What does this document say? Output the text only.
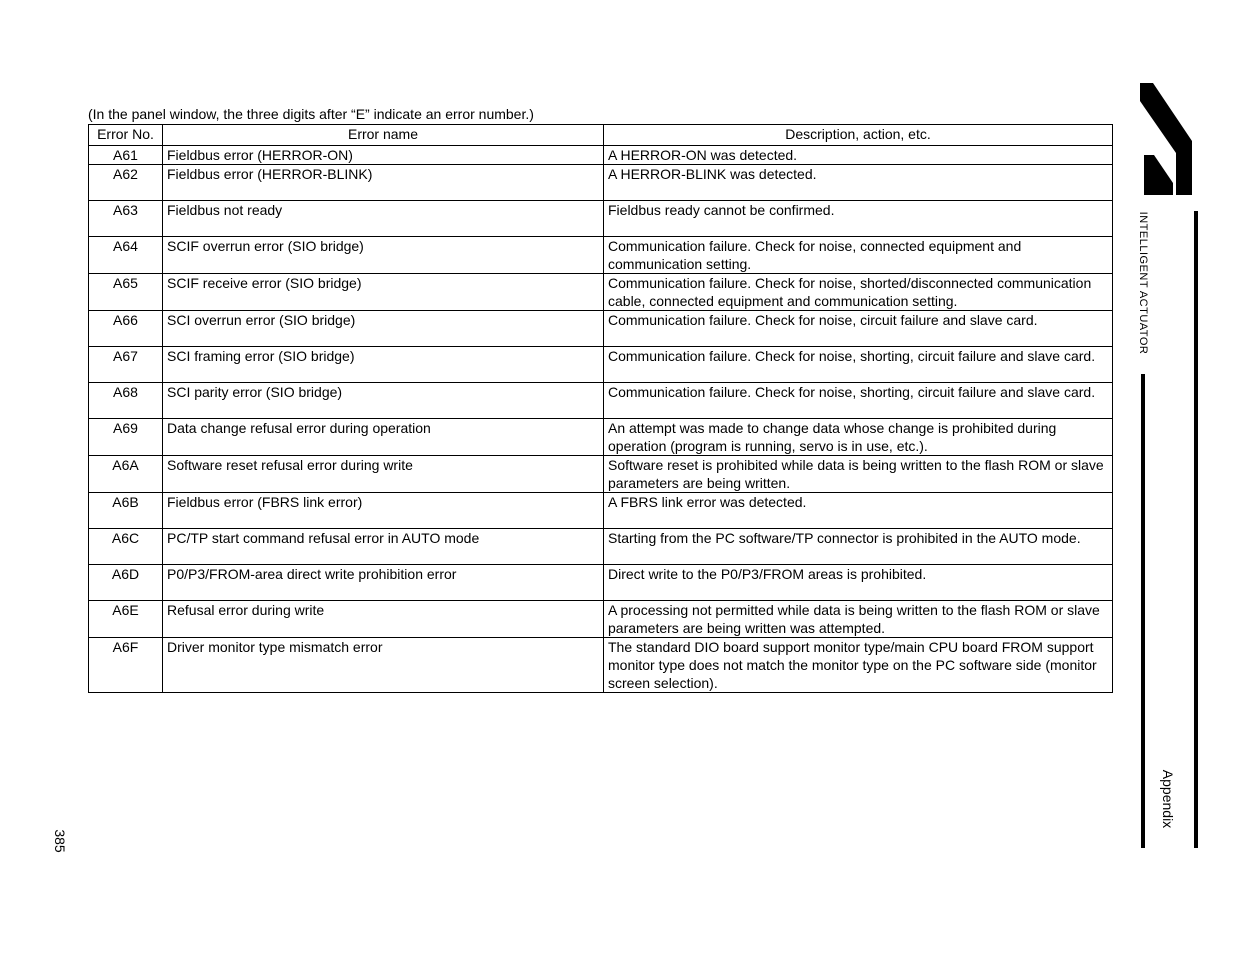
(In the panel window, the three digits after “E” indicate an error number.)
Error No.	Error name	Description, action, etc.
A61	Fieldbus error (HERROR-ON)	A HERROR-ON was detected.
A62	Fieldbus error (HERROR-BLINK)	A HERROR-BLINK was detected.
A63	Fieldbus not ready	Fieldbus ready cannot be confirmed.
A64	SCIF overrun error (SIO bridge)	Communication failure. Check for noise, connected equipment and communication setting.
A65	SCIF receive error (SIO bridge)	Communication failure. Check for noise, shorted/disconnected communication cable, connected equipment and communication setting.
A66	SCI overrun error (SIO bridge)	Communication failure. Check for noise, circuit failure and slave card.
A67	SCI framing error (SIO bridge)	Communication failure. Check for noise, shorting, circuit failure and slave card.
A68	SCI parity error (SIO bridge)	Communication failure. Check for noise, shorting, circuit failure and slave card.
A69	Data change refusal error during operation	An attempt was made to change data whose change is prohibited during operation (program is running, servo is in use, etc.).
A6A	Software reset refusal error during write	Software reset is prohibited while data is being written to the flash ROM or slave parameters are being written.
A6B	Fieldbus error (FBRS link error)	A FBRS link error was detected.
A6C	PC/TP start command refusal error in AUTO mode	Starting from the PC software/TP connector is prohibited in the AUTO mode.
A6D	P0/P3/FROM-area direct write prohibition error	Direct write to the P0/P3/FROM areas is prohibited.
A6E	Refusal error during write	A processing not permitted while data is being written to the flash ROM or slave parameters are being written was attempted.
A6F	Driver monitor type mismatch error	The standard DIO board support monitor type/main CPU board FROM support monitor type does not match the monitor type on the PC software side (monitor screen selection).
385
INTELLIGENT ACTUATOR
Appendix
